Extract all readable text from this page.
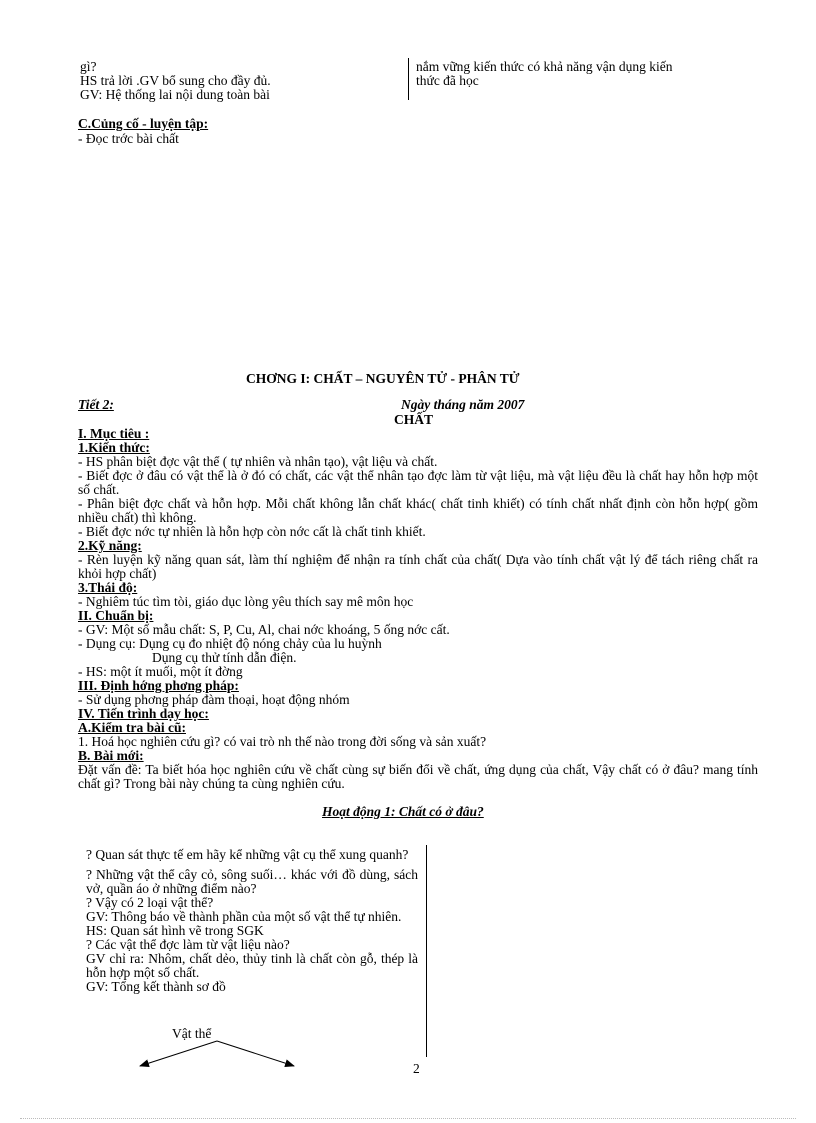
gì?
HS trả lời .GV bổ sung cho đầy đủ.
GV: Hệ thống lai nội dung toàn bài
nắm vững kiến thức có khả năng vận dụng kiến
thức đã học
C.Củng cố - luyện tập:
- Đọc trớc bài chất
CHƠNG I: CHẤT – NGUYÊN TỬ - PHÂN TỬ
Tiết 2:	Ngày tháng năm 2007
CHẤT
I. Mục tiêu :
1.Kiến thức:
- HS phân biệt đợc vật thể ( tự nhiên và nhân tạo), vật liệu và chất.
- Biết đợc ở đâu có vật thể là ở đó có chất, các vật thể nhân tạo đợc làm từ vật liệu, mà vật liệu đều là chất hay hỗn hợp một số chất.
- Phân biệt đợc chất và hỗn hợp. Mỗi chất không lẫn chất khác( chất tinh khiết) có tính chất nhất định còn hỗn hợp( gồm nhiều chất) thì không.
- Biết đợc nớc tự nhiên là hỗn hợp còn nớc cất là chất tinh khiết.
2.Kỹ năng:
- Rèn luyện kỹ năng quan sát, làm thí nghiệm để nhận ra tính chất của chất( Dựa vào tính chất vật lý để tách riêng chất ra khỏi hợp chất)
3.Thái độ:
- Nghiêm túc tìm tòi, giáo dục lòng yêu thích say mê môn học
II. Chuẩn bị:
- GV: Một số mẫu chất: S, P, Cu, Al, chai nớc khoáng, 5 ống nớc cất.
- Dụng cụ: Dụng cụ đo nhiệt độ nóng chảy của lu huỳnh
Dụng cụ thử tính dẫn điện.
- HS: một ít muối, một ít đờng
III. Định hớng phơng pháp:
- Sử dụng phơng pháp đàm thoại, hoạt động nhóm
IV. Tiến trình dạy học:
A.Kiểm tra bài cũ:
1. Hoá học nghiên cứu gì? có vai trò nh thế nào trong đời sống và sản xuất?
B. Bài mới:
Đặt vấn đề: Ta biết hóa học nghiên cứu về chất cùng sự biến đổi về chất, ứng dụng của chất, Vậy chất có ở đâu? mang tính chất gì? Trong bài này chúng ta cùng nghiên cứu.
Hoạt động 1: Chất có ở đâu?
? Quan sát thực tế em hãy kể những vật cụ thể xung quanh?
? Những vật thể cây cỏ, sông suối… khác với đồ dùng, sách vở, quần áo ở những điểm nào?
? Vậy có 2 loại vật thể?
GV: Thông báo về thành phần của một số vật thể tự nhiên.
HS: Quan sát hình vẽ trong SGK
? Các vật thể đợc làm từ vật liệu nào?
GV chỉ ra: Nhôm, chất dẻo, thủy tinh là chất còn gỗ, thép là hỗn hợp một số chất.
GV: Tổng kết thành sơ đồ
Vật thể
2
